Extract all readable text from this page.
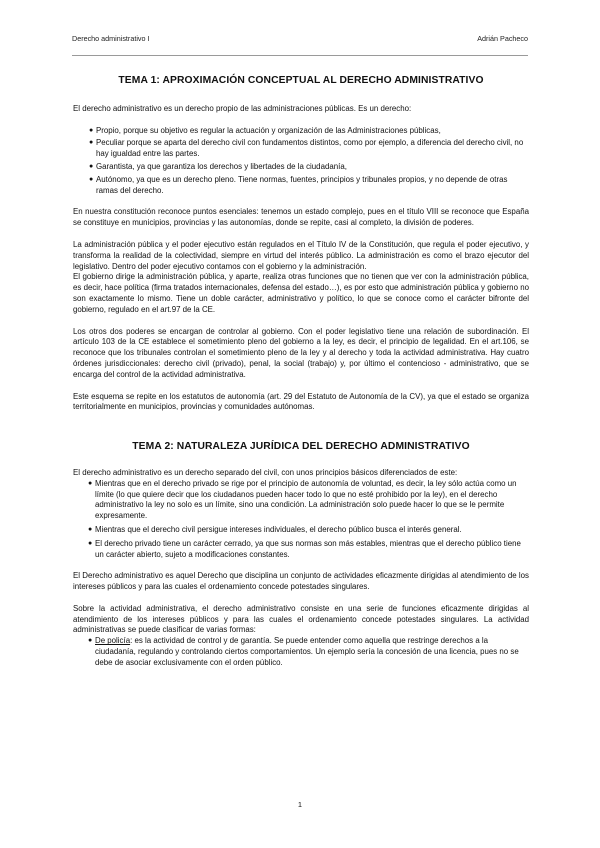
Derecho administrativo I	Adrián Pacheco
TEMA 1: APROXIMACIÓN CONCEPTUAL AL DERECHO ADMINISTRATIVO

El derecho administrativo es un derecho propio de las administraciones públicas. Es un derecho:

● Propio, porque su objetivo es regular la actuación y organización de las Administraciones públicas,
● Peculiar porque se aparta del derecho civil con fundamentos distintos, como por ejemplo, a diferencia del derecho civil, no hay igualdad entre las partes.
● Garantista, ya que garantiza los derechos y libertades de la ciudadanía,
● Autónomo, ya que es un derecho pleno. Tiene normas, fuentes, principios y tribunales propios, y no depende de otras ramas del derecho.

En nuestra constitución reconoce puntos esenciales: tenemos un estado complejo, pues en el título VIII se reconoce que España se constituye en municipios, provincias y las autonomías, donde se repite, casi al completo, la división de poderes.

La administración pública y el poder ejecutivo están regulados en el Título IV de la Constitución, que regula el poder ejecutivo, y transforma la realidad de la colectividad, siempre en virtud del interés público. La administración es como el brazo ejecutor del legislativo. Dentro del poder ejecutivo contamos con el gobierno y la administración.

El gobierno dirige la administración pública, y aparte, realiza otras funciones que no tienen que ver con la administración pública, es decir, hace política (firma tratados internacionales, defensa del estado…), es por esto que administración pública y gobierno no son exactamente lo mismo. Tiene un doble carácter, administrativo y político, lo que se conoce como el carácter bifronte del gobierno, regulado en el art.97 de la CE.

Los otros dos poderes se encargan de controlar al gobierno. Con el poder legislativo tiene una relación de subordinación. El artículo 103 de la CE establece el sometimiento pleno del gobierno a la ley, es decir, el principio de legalidad. En el art.106, se reconoce que los tribunales controlan el sometimiento pleno de la ley y al derecho y toda la actividad administrativa. Hay cuatro órdenes jurisdiccionales: derecho civil (privado), penal, la social (trabajo) y, por último el contencioso - administrativo, que se encarga del control de la actividad administrativa.

Este esquema se repite en los estatutos de autonomía (art. 29 del Estatuto de Autonomía de la CV), ya que el estado se organiza territorialmente en municipios, provincias y comunidades autónomas.

TEMA 2: NATURALEZA JURÍDICA DEL DERECHO ADMINISTRATIVO

El derecho administrativo es un derecho separado del civil, con unos principios básicos diferenciados de este:

● Mientras que en el derecho privado se rige por el principio de autonomía de voluntad, es decir, la ley sólo actúa como un límite (lo que quiere decir que los ciudadanos pueden hacer todo lo que no esté prohibido por la ley), en el derecho administrativo la ley no solo es un límite, sino una condición. La administración solo puede hacer lo que se le permite expresamente.
● Mientras que el derecho civil persigue intereses individuales, el derecho público busca el interés general.
● El derecho privado tiene un carácter cerrado, ya que sus normas son más estables, mientras que el derecho público tiene un carácter abierto, sujeto a modificaciones constantes.

El Derecho administrativo es aquel Derecho que disciplina un conjunto de actividades eficazmente dirigidas al atendimiento de los intereses públicos y para las cuales el ordenamiento concede potestades singulares.

Sobre la actividad administrativa, el derecho administrativo consiste en una serie de funciones eficazmente dirigidas al atendimiento de los intereses públicos y para las cuales el ordenamiento concede potestades singulares. La actividad administrativas se puede clasificar de varias formas:

● De policía: es la actividad de control y de garantía. Se puede entender como aquella que restringe derechos a la ciudadanía, regulando y controlando ciertos comportamientos. Un ejemplo sería la concesión de una licencia, pues no se debe de asociar exclusivamente con el orden público.
1
